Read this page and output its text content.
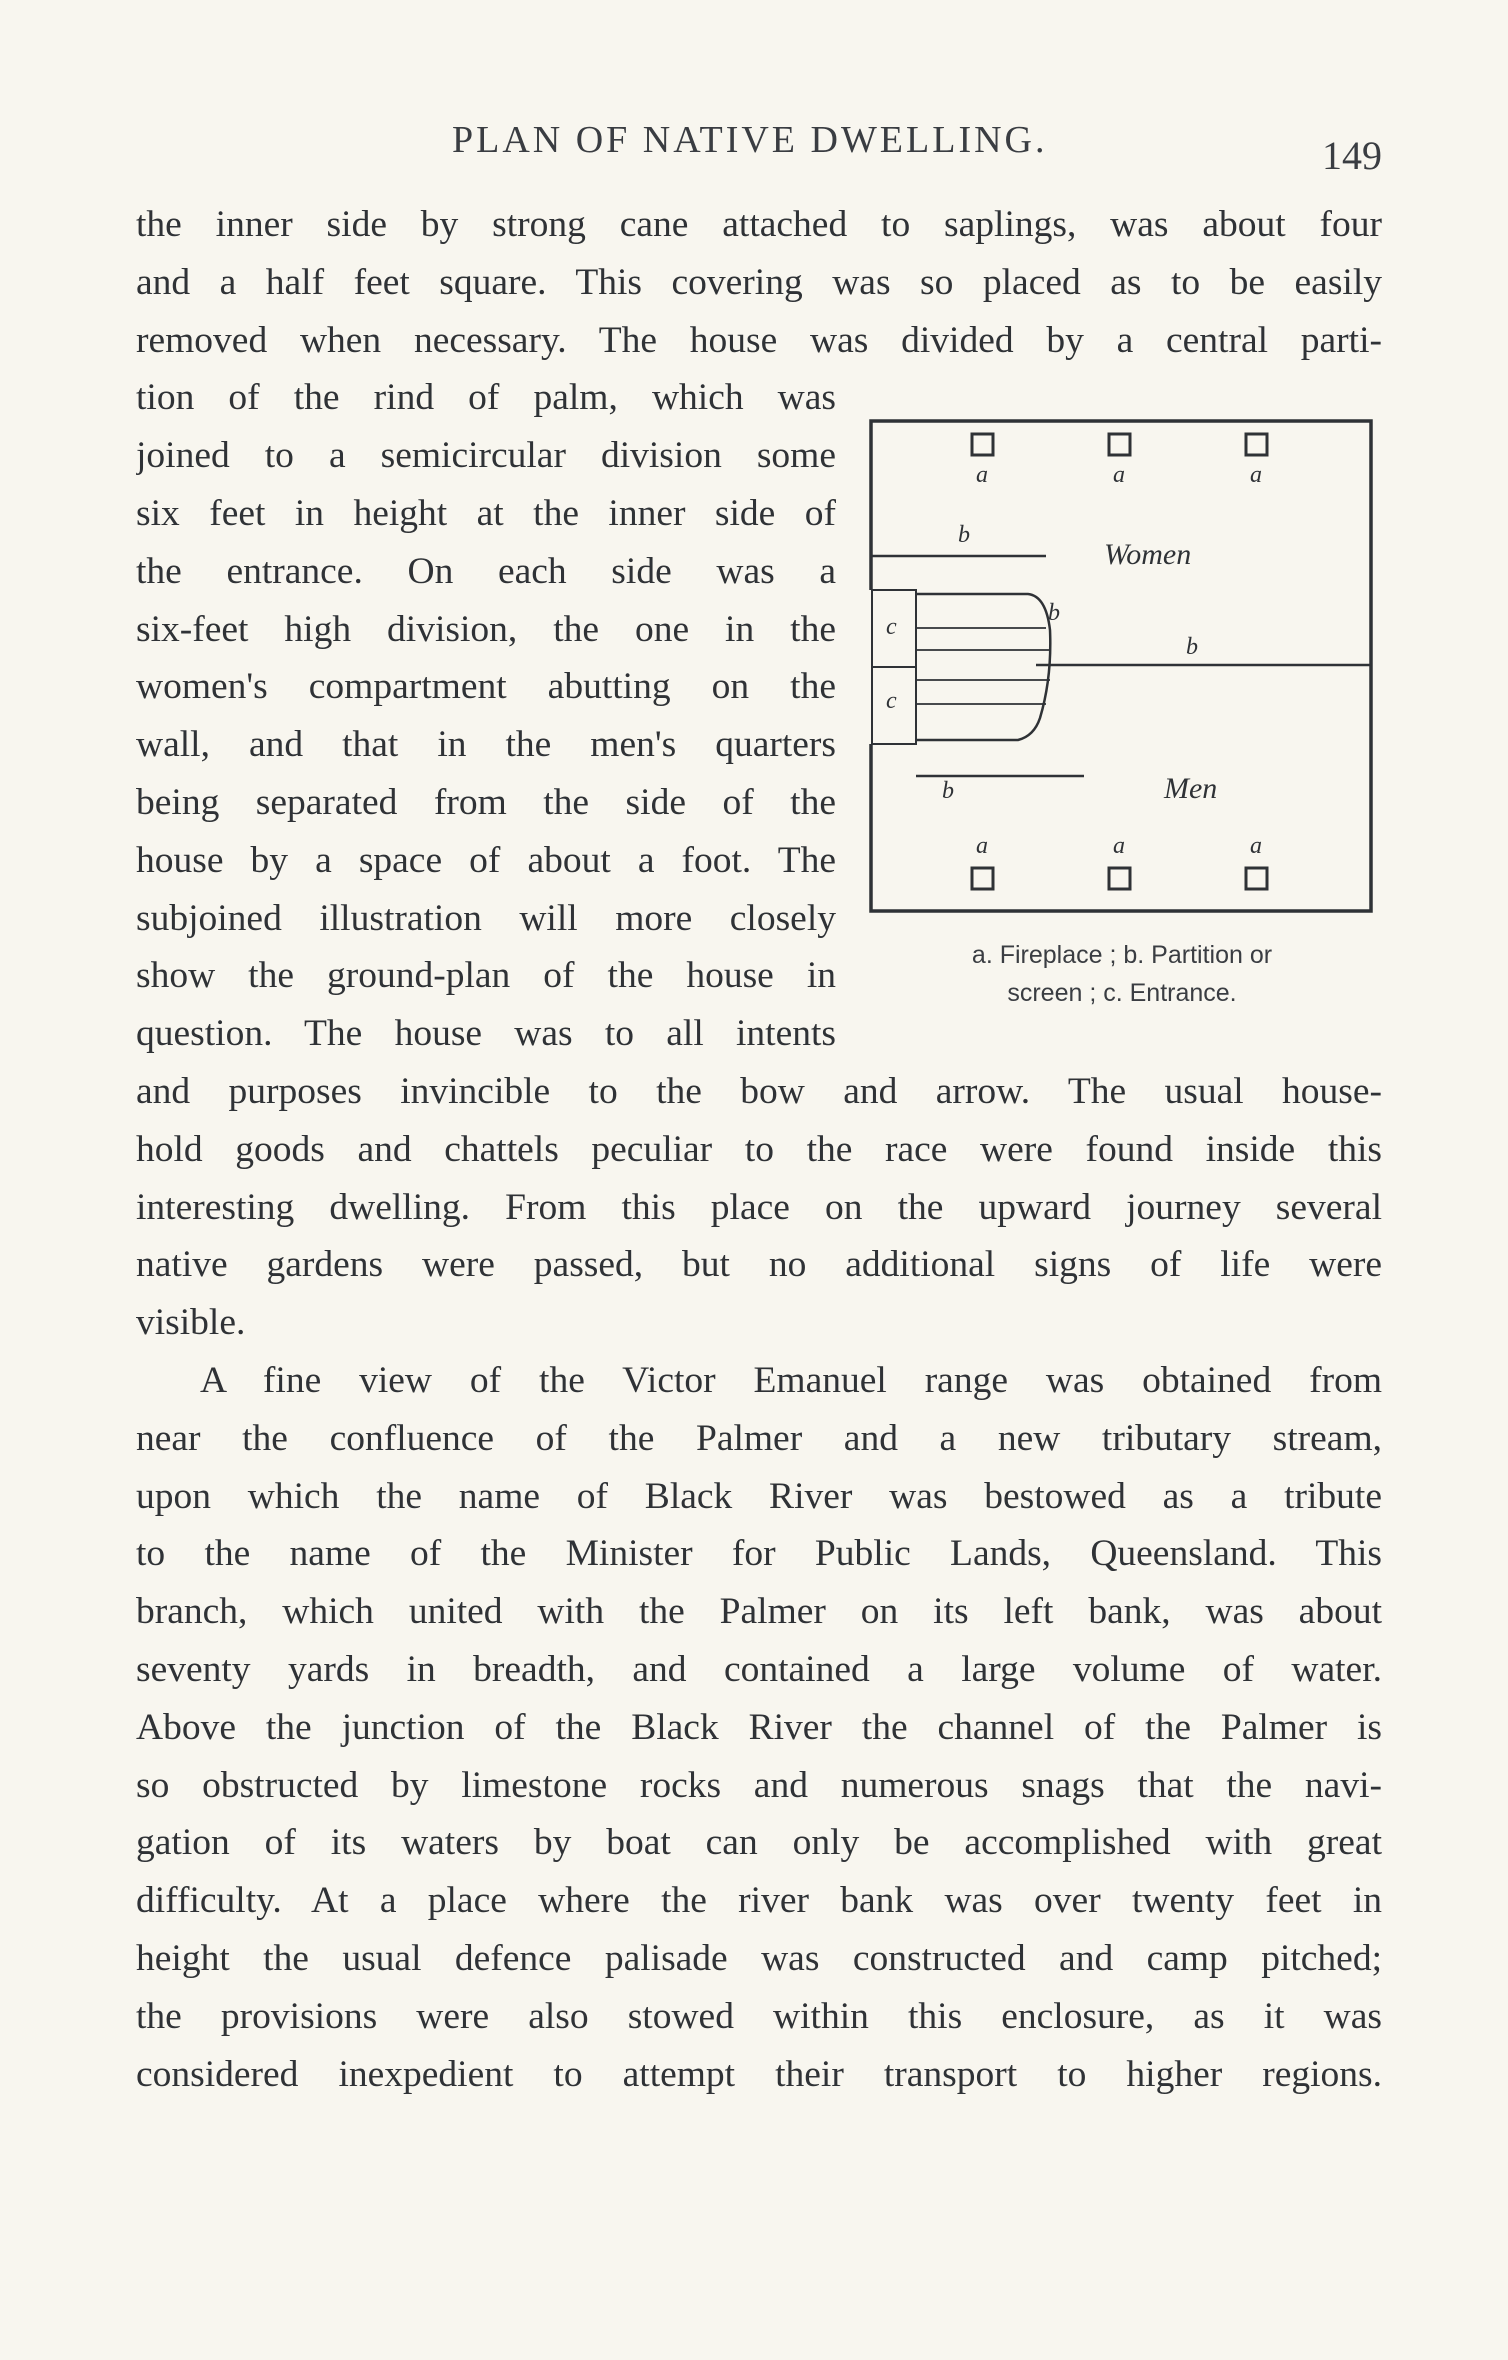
PLAN OF NATIVE DWELLING.	149
the inner side by strong cane attached to saplings, was about four
and a half feet square. This covering was so placed as to be easily
removed when necessary. The house was divided by a central parti-
tion of the rind of palm, which was
joined to a semicircular division some
six feet in height at the inner side of
the entrance. On each side was a
six-feet high division, the one in the
women's compartment abutting on the
wall, and that in the men's quarters
being separated from the side of the
house by a space of about a foot. The
subjoined illustration will more closely
show the ground-plan of the house in
question. The house was to all intents
and purposes invincible to the bow and arrow. The usual house-
hold goods and chattels peculiar to the race were found inside this
interesting dwelling. From this place on the upward journey several
native gardens were passed, but no additional signs of life were
visible.
A fine view of the Victor Emanuel range was obtained from
near the confluence of the Palmer and a new tributary stream,
upon which the name of Black River was bestowed as a tribute
to the name of the Minister for Public Lands, Queensland. This
branch, which united with the Palmer on its left bank, was about
seventy yards in breadth, and contained a large volume of water.
Above the junction of the Black River the channel of the Palmer is
so obstructed by limestone rocks and numerous snags that the navi-
gation of its waters by boat can only be accomplished with great
difficulty. At a place where the river bank was over twenty feet in
height the usual defence palisade was constructed and camp pitched;
the provisions were also stowed within this enclosure, as it was
considered inexpedient to attempt their transport to higher regions.
a	a	a
b
Women
b
b
c
c
b	Men
a	a	a
a. Fireplace ; b. Partition or
screen ; c. Entrance.
